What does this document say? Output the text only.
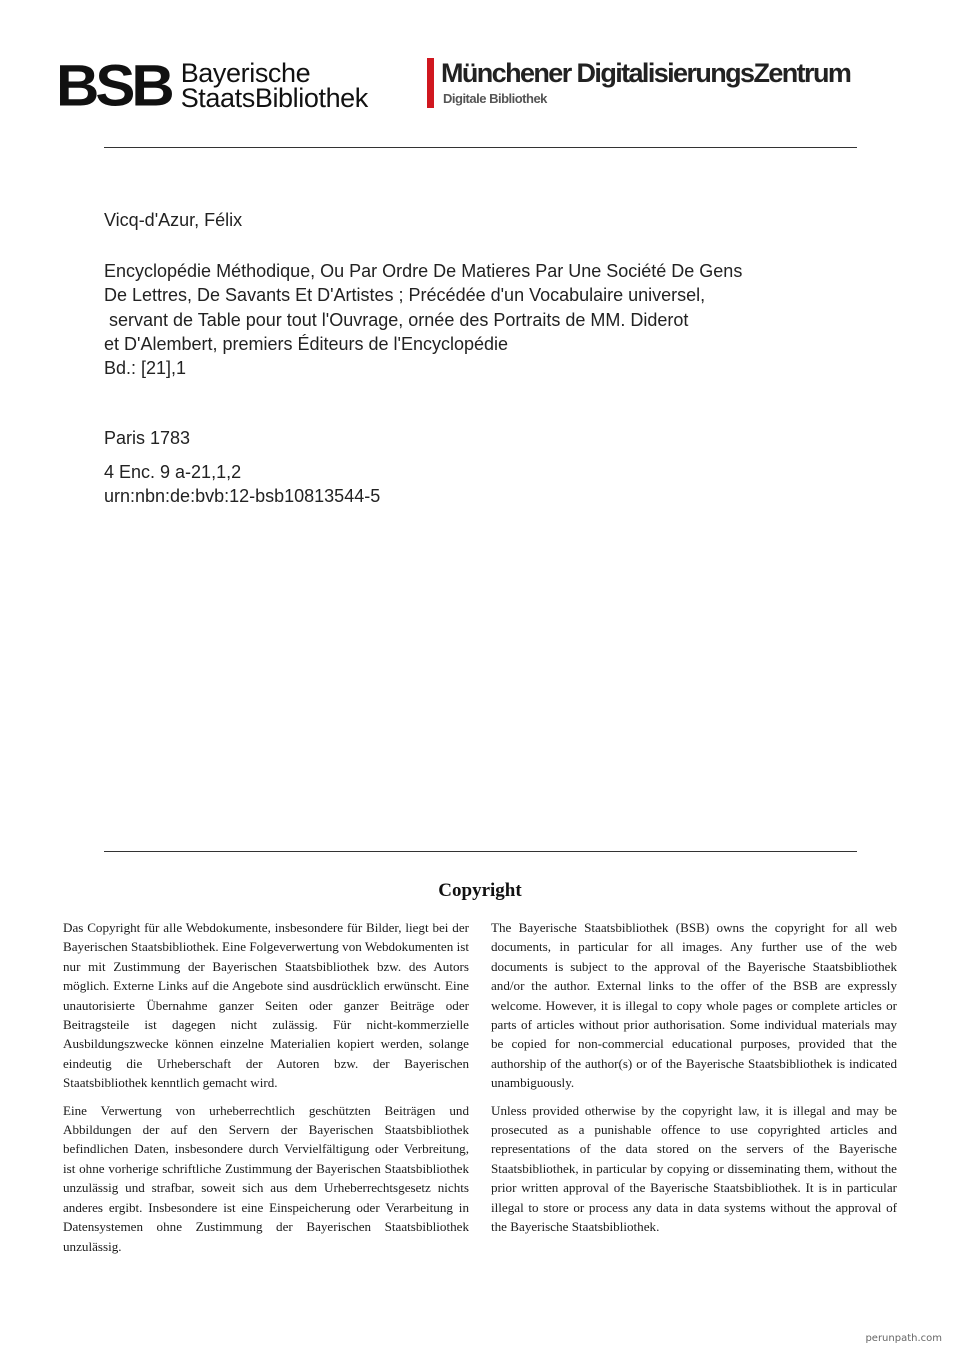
BSB Bayerische
StaatsBibliothek
Münchener DigitalisierungsZentrum
Digitale Bibliothek
Vicq-d'Azur, Félix
Encyclopédie Méthodique, Ou Par Ordre De Matieres Par Une Société De Gens
De Lettres, De Savants Et D'Artistes ; Précédée d'un Vocabulaire universel,
servant de Table pour tout l'Ouvrage, ornée des Portraits de MM. Diderot
et D'Alembert, premiers Éditeurs de l'Encyclopédie
Bd.: [21],1
Paris 1783
4 Enc. 9 a-21,1,2
urn:nbn:de:bvb:12-bsb10813544-5
Copyright

Das Copyright für alle Webdokumente, insbesondere für Bilder, liegt bei der Bayerischen Staatsbibliothek. Eine Folgeverwertung von Webdokumenten ist nur mit Zustimmung der Bayerischen Staatsbibliothek bzw. des Autors möglich. Externe Links auf die Angebote sind ausdrücklich erwünscht. Eine unautorisierte Übernahme ganzer Seiten oder ganzer Beiträge oder Beitragsteile ist dagegen nicht zulässig. Für nicht-kommerzielle Ausbildungszwecke können einzelne Materialien kopiert werden, solange eindeutig die Urheberschaft der Autoren bzw. der Bayerischen Staatsbibliothek kenntlich gemacht wird.

Eine Verwertung von urheberrechtlich geschützten Beiträgen und Abbildungen der auf den Servern der Bayerischen Staatsbibliothek befindlichen Daten, insbesondere durch Vervielfältigung oder Verbreitung, ist ohne vorherige schriftliche Zustimmung der Bayerischen Staatsbibliothek unzulässig und strafbar, soweit sich aus dem Urheberrechtsgesetz nichts anderes ergibt. Insbesondere ist eine Einspeicherung oder Verarbeitung in Datensystemen ohne Zustimmung der Bayerischen Staatsbibliothek unzulässig.

The Bayerische Staatsbibliothek (BSB) owns the copyright for all web documents, in particular for all images. Any further use of the web documents is subject to the approval of the Bayerische Staatsbibliothek and/or the author. External links to the offer of the BSB are expressly welcome. However, it is illegal to copy whole pages or complete articles or parts of articles without prior authorisation. Some individual materials may be copied for non-commercial educational purposes, provided that the authorship of the author(s) or of the Bayerische Staatsbibliothek is indicated unambiguously.

Unless provided otherwise by the copyright law, it is illegal and may be prosecuted as a punishable offence to use copyrighted articles and representations of the data stored on the servers of the Bayerische Staatsbibliothek, in particular by copying or disseminating them, without the prior written approval of the Bayerische Staatsbibliothek. It is in particular illegal to store or process any data in data systems without the approval of the Bayerische Staatsbibliothek.

perunpath.com
